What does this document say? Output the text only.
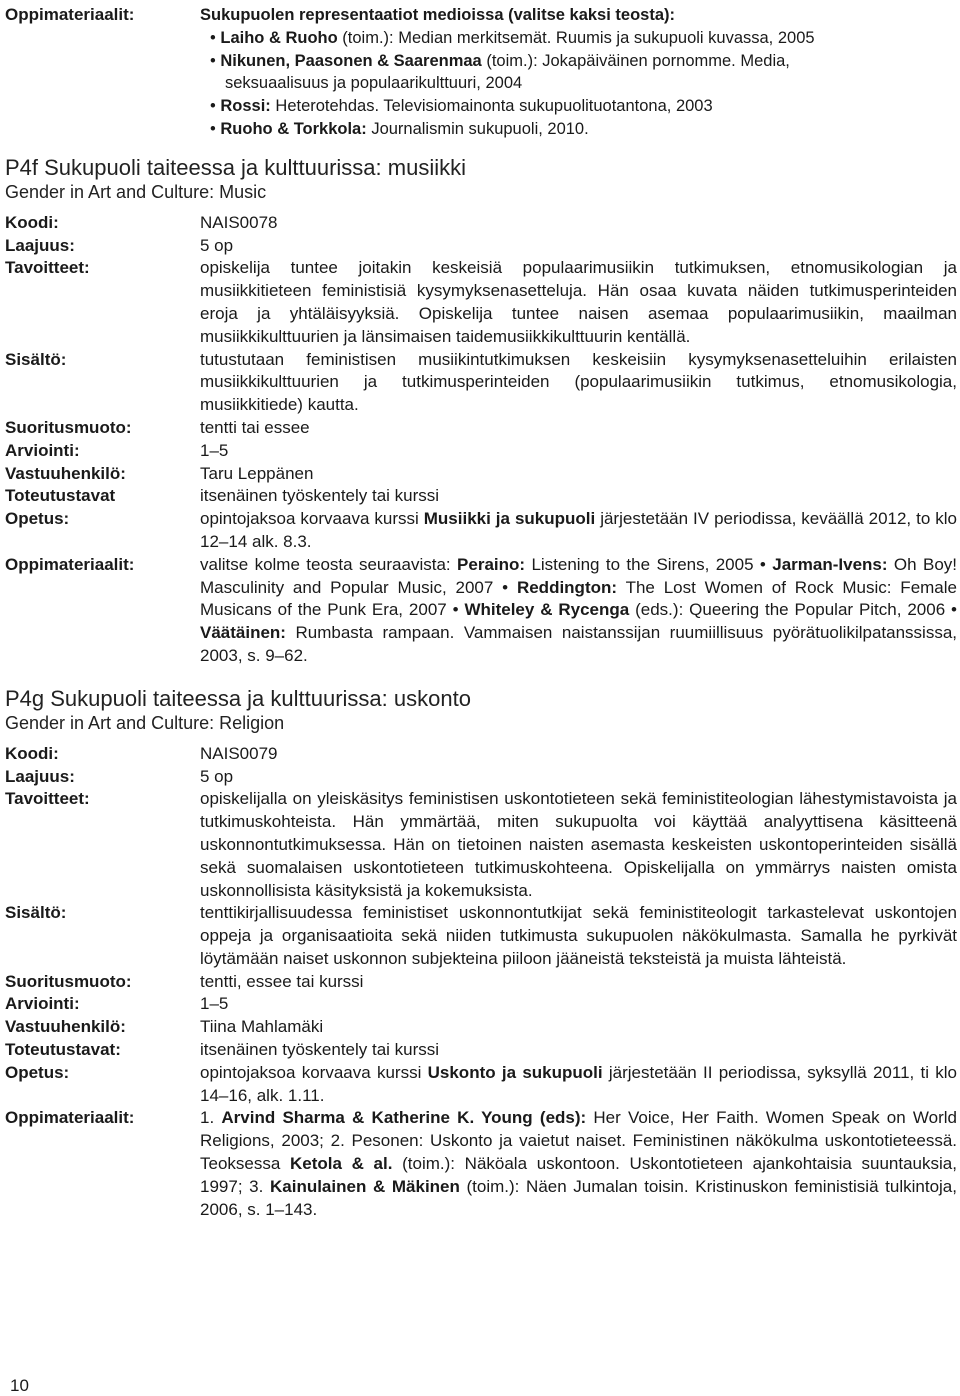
Oppimateriaalit:	Sukupuolen representaatiot medioissa (valitse kaksi teosta):

• Laiho & Ruoho (toim.): Median merkitsemät. Ruumis ja sukupuoli kuvassa, 2005
• Nikunen, Paasonen & Saarenmaa (toim.): Jokapäiväinen pornomme. Media,
seksuaalisuus ja populaarikulttuuri, 2004
• Rossi: Heterotehdas. Televisiomainonta sukupuolituotantona, 2003
• Ruoho & Torkkola: Journalismin sukupuoli, 2010.
P4f Sukupuoli taiteessa ja kulttuurissa: musiikki
Gender in Art and Culture: Music
Koodi:	NAIS0078
Laajuus:	5 op
Tavoitteet:	opiskelija tuntee joitakin keskeisiä populaarimusiikin tutkimuksen, etnomusikologian ja musiikkitieteen feministisiä kysymyksenasetteluja. Hän osaa kuvata näiden tutkimusperinteiden eroja ja yhtäläisyyksiä. Opiskelija tuntee naisen asemaa populaarimusiikin, maailman musiikkikulttuurien ja länsimaisen taidemusiikkikulttuurin kentällä.
Sisältö:	tutustutaan feministisen musiikintutkimuksen keskeisiin kysymyksenasetteluihin erilaisten musiikkikulttuurien ja tutkimusperinteiden (populaarimusiikin tutkimus, etnomusikologia, musiikkitiede) kautta.
Suoritusmuoto:	tentti tai essee
Arviointi:	1–5
Vastuuhenkilö:	Taru Leppänen
Toteutustavat	itsenäinen työskentely tai kurssi
Opetus:	opintojaksoa korvaava kurssi Musiikki ja sukupuoli järjestetään IV periodissa, keväällä 2012, to klo 12–14 alk. 8.3.
Oppimateriaalit:	valitse kolme teosta seuraavista: Peraino: Listening to the Sirens, 2005 • Jarman-Ivens: Oh Boy! Masculinity and Popular Music, 2007 • Reddington: The Lost Women of Rock Music: Female Musicans of the Punk Era, 2007 • Whiteley & Rycenga (eds.): Queering the Popular Pitch, 2006 • Väätäinen: Rumbasta rampaan. Vammaisen naistanssijan ruumiillisuus pyörätuolikilpatanssissa, 2003, s. 9–62.
P4g Sukupuoli taiteessa ja kulttuurissa: uskonto
Gender in Art and Culture: Religion
Koodi:	NAIS0079
Laajuus:	5 op
Tavoitteet:	opiskelijalla on yleiskäsitys feministisen uskontotieteen sekä feministiteologian lähestymistavoista ja tutkimuskohteista. Hän ymmärtää, miten sukupuolta voi käyttää analyyttisena käsitteenä uskonnontutkimuksessa. Hän on tietoinen naisten asemasta keskeisten uskontoperinteiden sisällä sekä suomalaisen uskontotieteen tutkimuskohteena. Opiskelijalla on ymmärrys naisten omista uskonnollisista käsityksistä ja kokemuksista.
Sisältö:	tenttikirjallisuudessa feministiset uskonnontutkijat sekä feministiteologit tarkastelevat uskontojen oppeja ja organisaatioita sekä niiden tutkimusta sukupuolen näkökulmasta. Samalla he pyrkivät löytämään naiset uskonnon subjekteina piiloon jääneistä teksteistä ja muista lähteistä.
Suoritusmuoto:	tentti, essee tai kurssi
Arviointi:	1–5
Vastuuhenkilö:	Tiina Mahlamäki
Toteutustavat:	itsenäinen työskentely tai kurssi
Opetus:	opintojaksoa korvaava kurssi Uskonto ja sukupuoli järjestetään II periodissa, syksyllä 2011, ti klo 14–16, alk. 1.11.
Oppimateriaalit:	1. Arvind Sharma & Katherine K. Young (eds): Her Voice, Her Faith. Women Speak on World Religions, 2003; 2. Pesonen: Uskonto ja vaietut naiset. Feministinen näkökulma uskontotieteessä. Teoksessa Ketola & al. (toim.): Näköala uskontoon. Uskontotieteen ajankohtaisia suuntauksia, 1997; 3. Kainulainen & Mäkinen (toim.): Näen Jumalan toisin. Kristinuskon feministisiä tulkintoja, 2006, s. 1–143.
10
